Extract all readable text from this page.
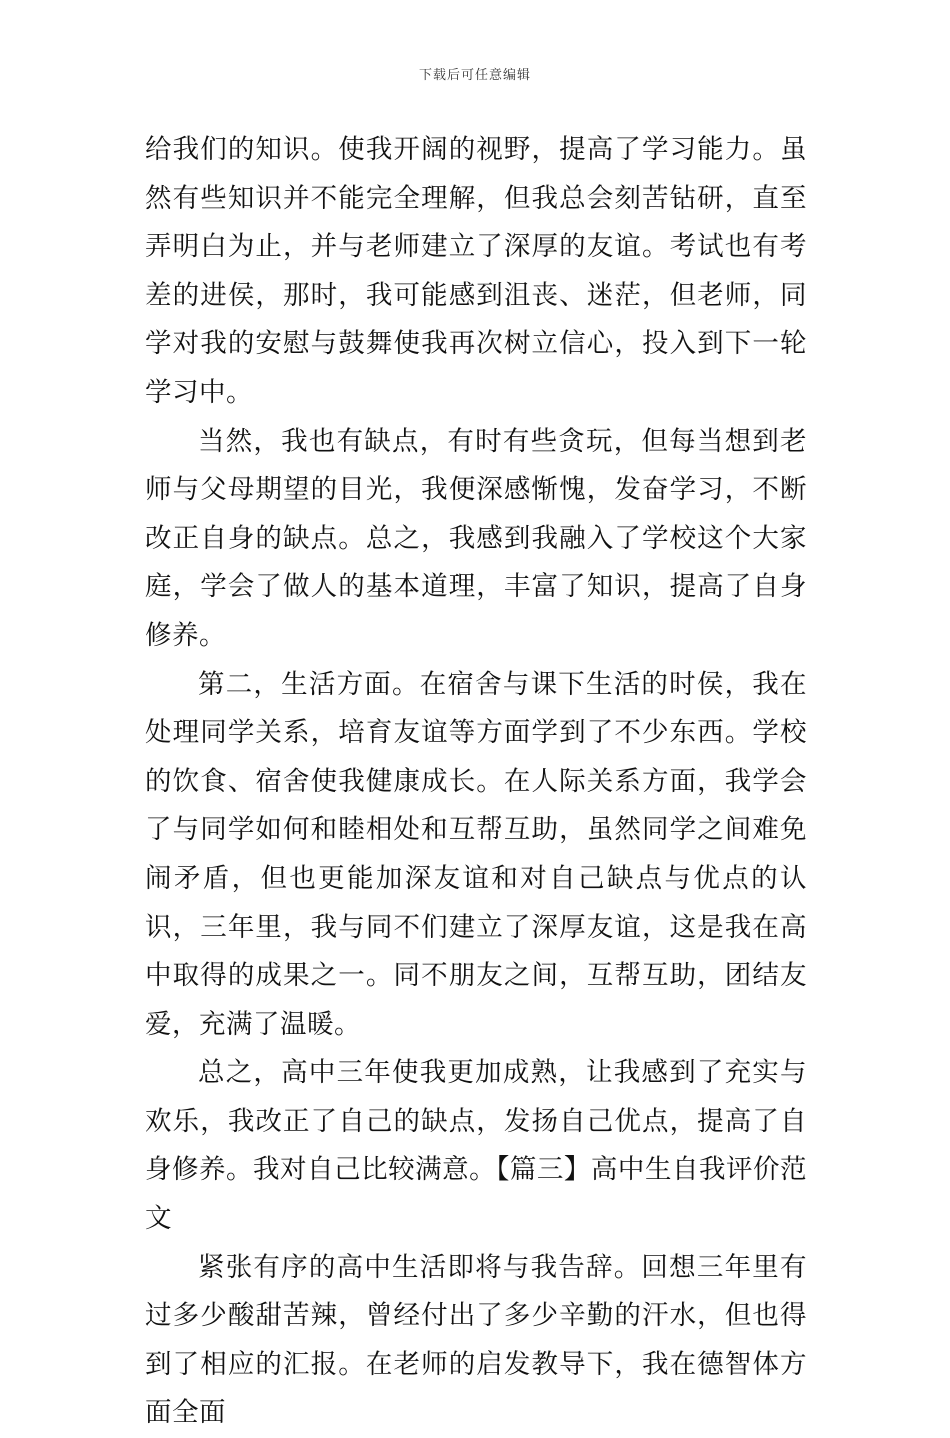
下载后可任意编辑

给我们的知识。使我开阔的视野，提高了学习能力。虽然有些知识并不能完全理解，但我总会刻苦钻研，直至弄明白为止，并与老师建立了深厚的友谊。考试也有考差的进侯，那时，我可能感到沮丧、迷茫，但老师，同学对我的安慰与鼓舞使我再次树立信心，投入到下一轮学习中。

当然，我也有缺点，有时有些贪玩，但每当想到老师与父母期望的目光，我便深感惭愧，发奋学习，不断改正自身的缺点。总之，我感到我融入了学校这个大家庭，学会了做人的基本道理，丰富了知识，提高了自身修养。

第二，生活方面。在宿舍与课下生活的时侯，我在处理同学关系，培育友谊等方面学到了不少东西。学校的饮食、宿舍使我健康成长。在人际关系方面，我学会了与同学如何和睦相处和互帮互助，虽然同学之间难免闹矛盾，但也更能加深友谊和对自己缺点与优点的认识，三年里，我与同不们建立了深厚友谊，这是我在高中取得的成果之一。同不朋友之间，互帮互助，团结友爱，充满了温暖。

总之，高中三年使我更加成熟，让我感到了充实与欢乐，我改正了自己的缺点，发扬自己优点，提高了自身修养。我对自己比较满意。【篇三】高中生自我评价范文

紧张有序的高中生活即将与我告辞。回想三年里有过多少酸甜苦辣，曾经付出了多少辛勤的汗水，但也得到了相应的汇报。在老师的启发教导下，我在德智体方面全面
